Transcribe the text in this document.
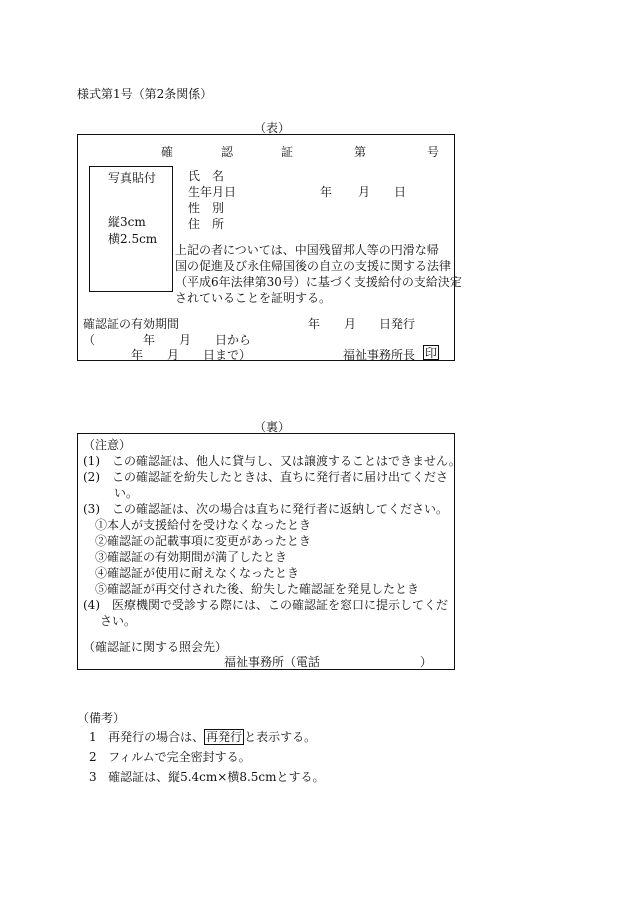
様式第1号（第2条関係）
（表）
確	認	証	第	号
写真貼付
縦3cm
横2.5cm
氏　名
生年月日	年 月 日
性　別
住　所
上記の者については、中国残留邦人等の円滑な帰
国の促進及び永住帰国後の自立の支援に関する法律
（平成6年法律第30号）に基づく支援給付の支給決定
されていることを証明する。
確認証の有効期間	年 月 日発行
（　　　　年　　月　　日から
年　　月　　日まで）	福祉事務所長 印
（裏）
（注意）
(1)　この確認証は、他人に貸与し、又は譲渡することはできません。
(2)　この確認証を紛失したときは、直ちに発行者に届け出てくださ
い。
(3)　この確認証は、次の場合は直ちに発行者に返納してください。
①本人が支援給付を受けなくなったとき
②確認証の記載事項に変更があったとき
③確認証の有効期間が満了したとき
④確認証が使用に耐えなくなったとき
⑤確認証が再交付された後、紛失した確認証を発見したとき
(4)　医療機関で受診する際には、この確認証を窓口に提示してくだ
さい。
（確認証に関する照会先）
福祉事務所（電話	）
（備考）
1 再発行の場合は、 再発行 と表示する。
2 フィルムで完全密封する。
3 確認証は、縦5.4cm×横8.5cmとする。
